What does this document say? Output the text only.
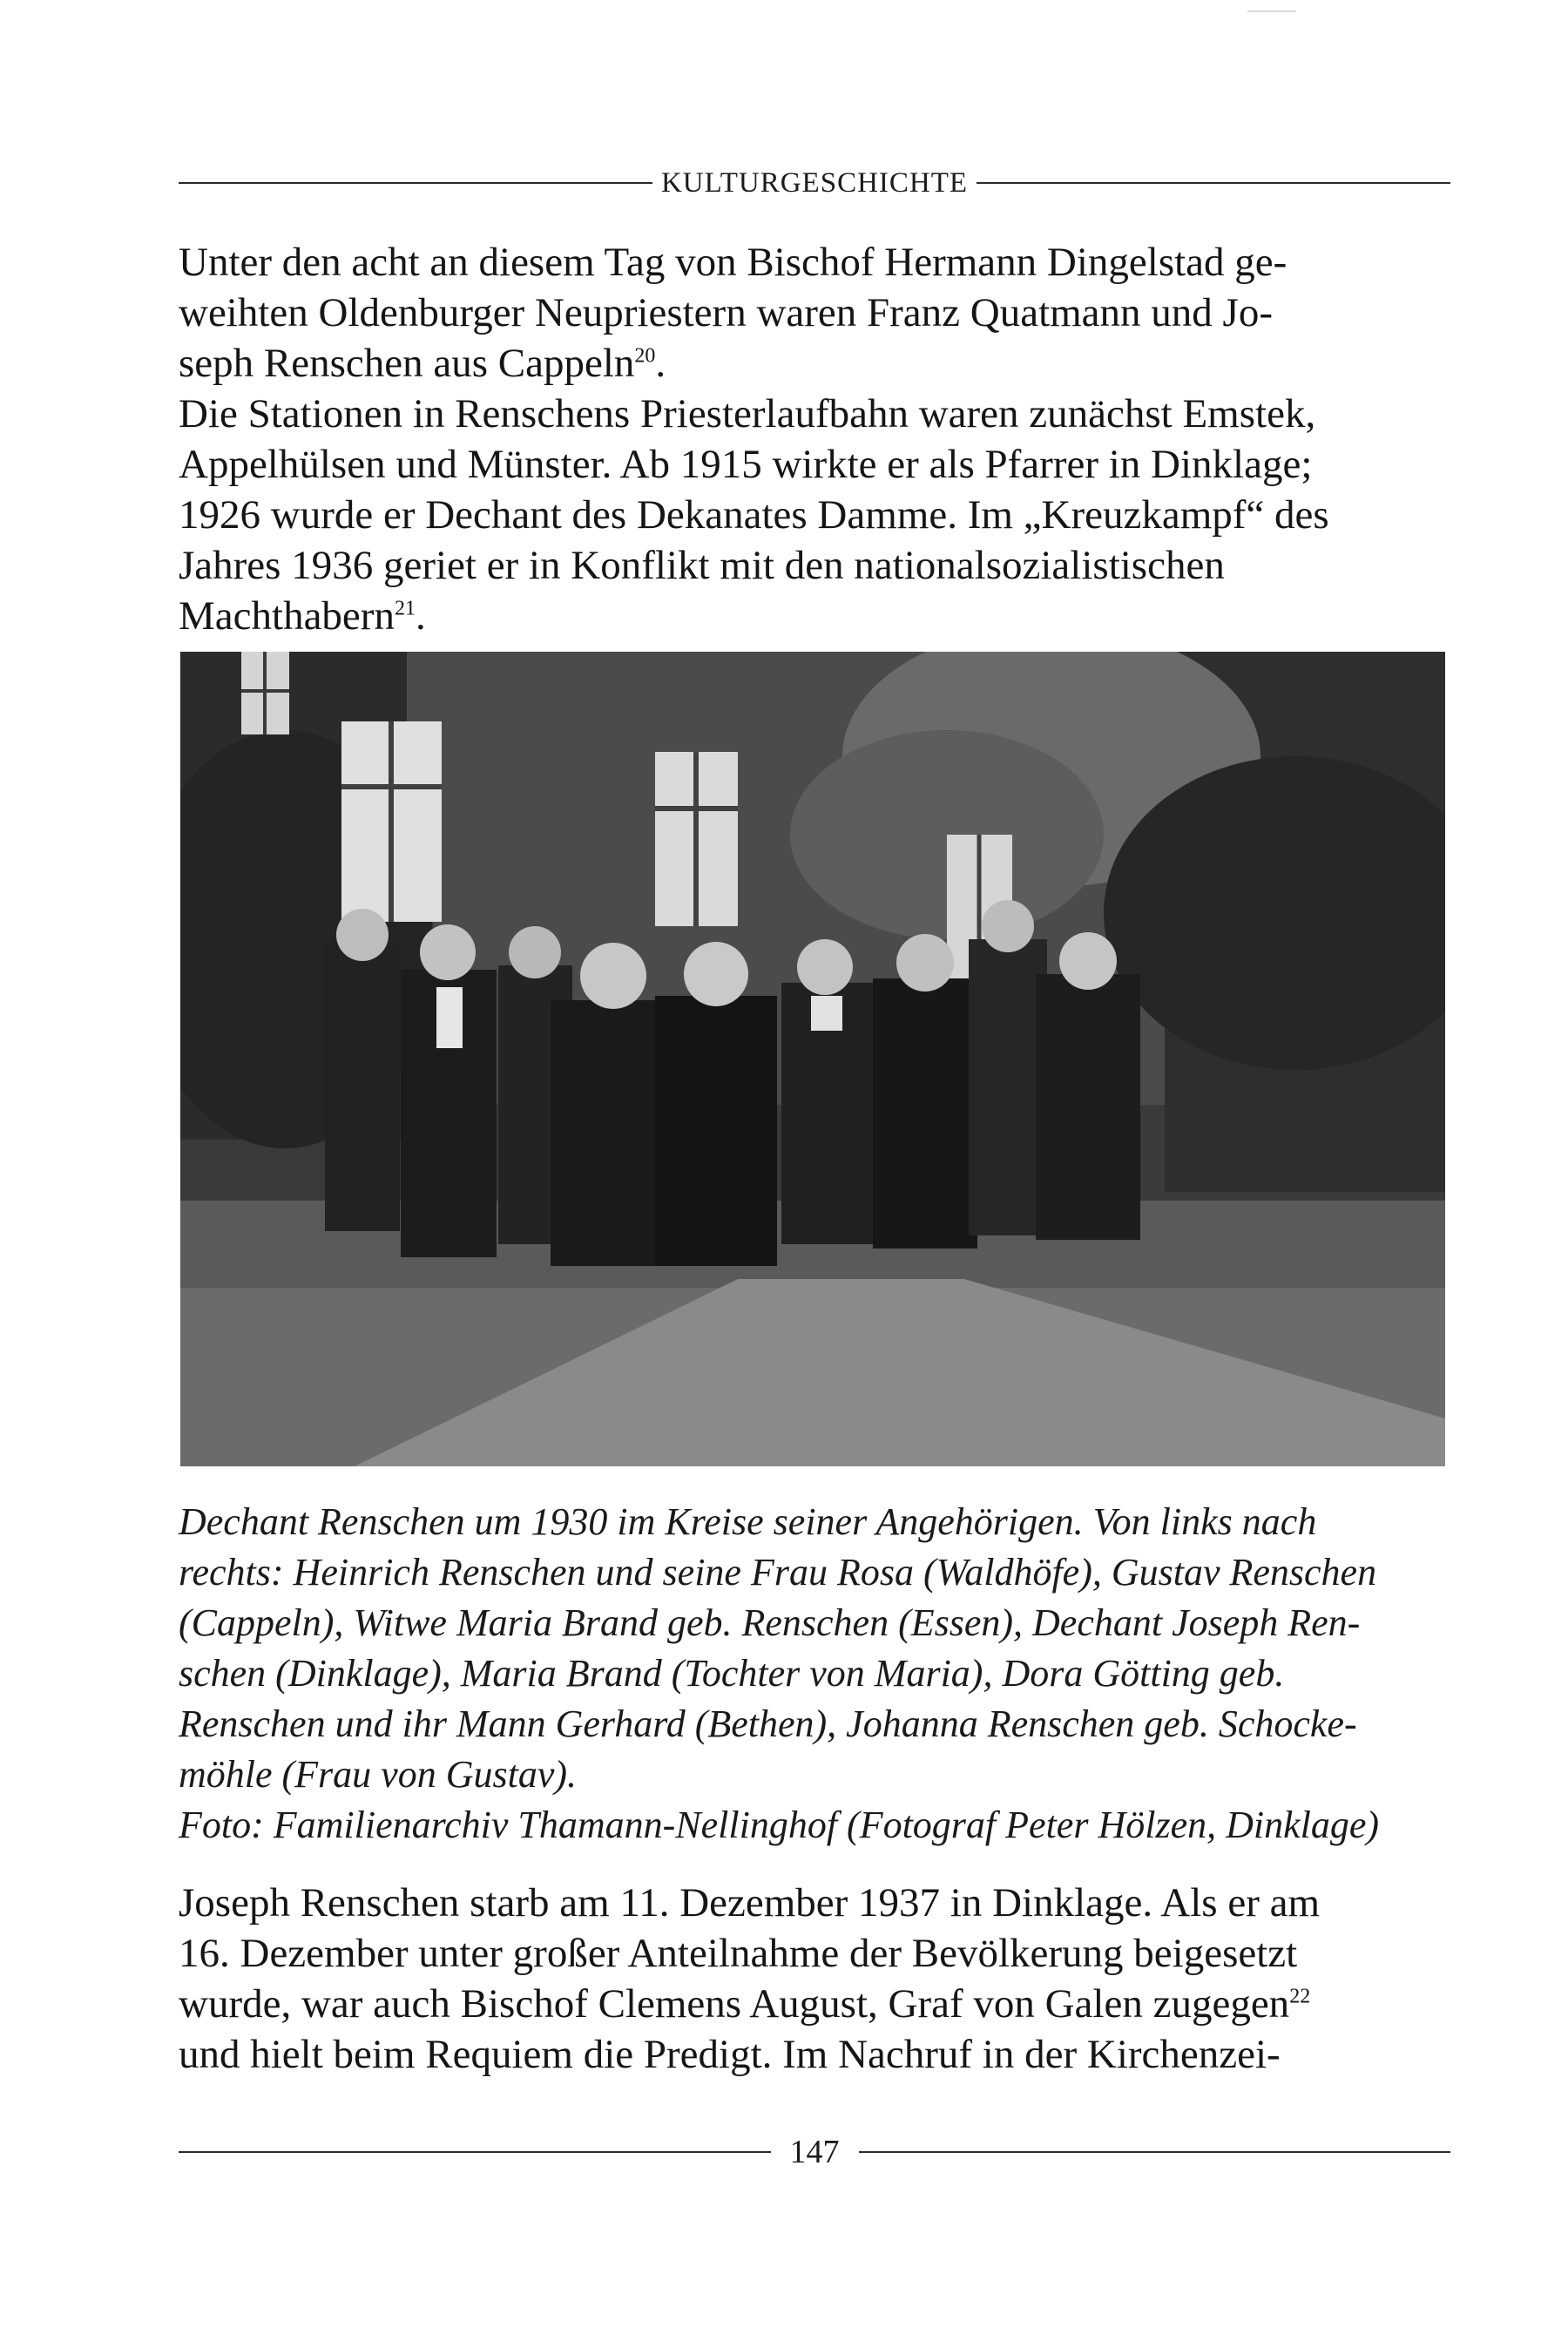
KULTURGESCHICHTE

Unter den acht an diesem Tag von Bischof Hermann Dingelstad ge-
weihten Oldenburger Neupriestern waren Franz Quatmann und Jo-
seph Renschen aus Cappeln$^{20}$.

Die Stationen in Renschens Priesterlaufbahn waren zunächst Emstek,
Appelhülsen und Münster. Ab 1915 wirkte er als Pfarrer in Dinklage;
1926 wurde er Dechant des Dekanates Damme. Im „Kreuzkampf“ des
Jahres 1936 geriet er in Konflikt mit den nationalsozialistischen
Machthabern$^{21}$.

Dechant Renschen um 1930 im Kreise seiner Angehörigen. Von links nach
rechts: Heinrich Renschen und seine Frau Rosa (Waldhöfe), Gustav Renschen
(Cappeln), Witwe Maria Brand geb. Renschen (Essen), Dechant Joseph Ren-
schen (Dinklage), Maria Brand (Tochter von Maria), Dora Götting geb.
Renschen und ihr Mann Gerhard (Bethen), Johanna Renschen geb. Schocke-
möhle (Frau von Gustav).
Foto: Familienarchiv Thamann-Nellinghof (Fotograf Peter Hölzen, Dinklage)

Joseph Renschen starb am 11. Dezember 1937 in Dinklage. Als er am
16. Dezember unter großer Anteilnahme der Bevölkerung beigesetzt
wurde, war auch Bischof Clemens August, Graf von Galen zugegen$^{22}$
und hielt beim Requiem die Predigt. Im Nachruf in der Kirchenzei-

147
